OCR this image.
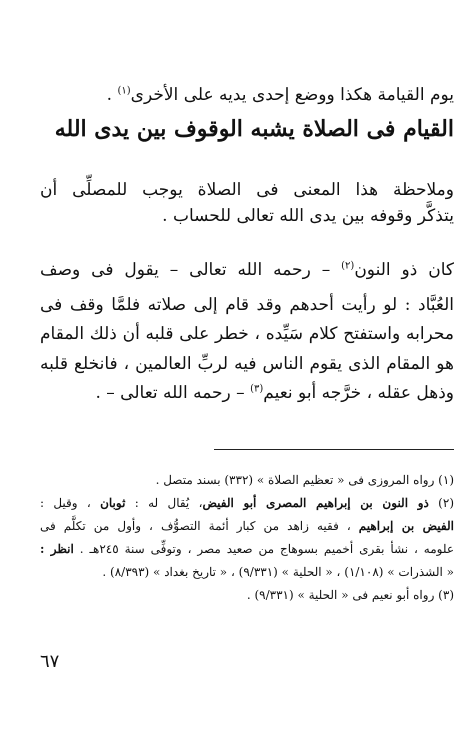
يوم القيامة هكذا ووضع إحدى يديه على الأخرى$^{(١)}$ .
القيام فى الصلاة يشبه الوقوف بين يدى الله
وملاحظة هذا المعنى فى الصلاة يوجب للمصلِّى أن
يتذكَّر وقوفه بين يدى الله تعالى للحساب .
كان ذو النون$^{(٢)}$ – رحمه الله تعالى – يقول فى وصف
العُبَّاد : لو رأيت أحدهم وقد قام إلى صلاته فلمَّا وقف فى
محرابه واستفتح كلام سَيِّده ، خطر على قلبه أن ذلك المقام
هو المقام الذى يقوم الناس فيه لربِّ العالمين ، فانخلع قلبه
وذهل عقله ، خرَّجه أبو نعيم$^{(٣)}$ – رحمه الله تعالى – .
(١) رواه المروزى فى « تعظيم الصلاة » (٣٣٢) بسند متصل .
(٢) ذو النون بن إبراهيم المصرى أبو الفيض، يُقال له : ثوبان ، وقيل :
الفيض بن إبراهيم ، فقيه زاهد من كبار أئمة التصوُّف ، وأول من تكلَّم فى
علومه ، نشأ بقرى أخميم بسوهاج من صعيد مصر ، وتوفِّى سنة ٢٤٥هـ . انظر :
« الشذرات » (١/١٠٨) ، « الحلية » (٩/٣٣١) ، « تاريخ بغداد » (٨/٣٩٣) .
(٣) رواه أبو نعيم فى « الحلية » (٩/٣٣١) .
٦٧
